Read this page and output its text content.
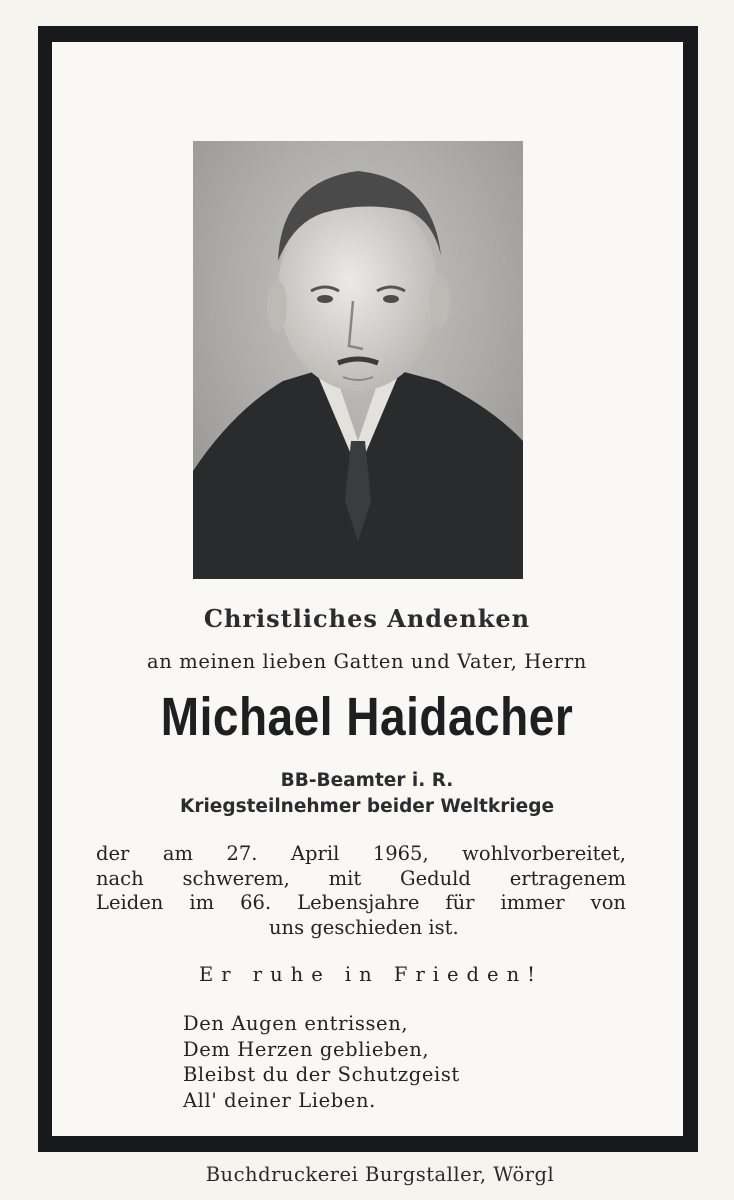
Christliches Andenken
an meinen lieben Gatten und Vater, Herrn
Michael Haidacher
BB-Beamter i. R.
Kriegsteilnehmer beider Weltkriege
der am 27. April 1965, wohlvorbereitet,
nach schwerem, mit Geduld ertragenem
Leiden im 66. Lebensjahre für immer von
uns geschieden ist.
Er ruhe in Frieden!
Den Augen entrissen,
Dem Herzen geblieben,
Bleibst du der Schutzgeist
All' deiner Lieben.
Buchdruckerei Burgstaller, Wörgl
